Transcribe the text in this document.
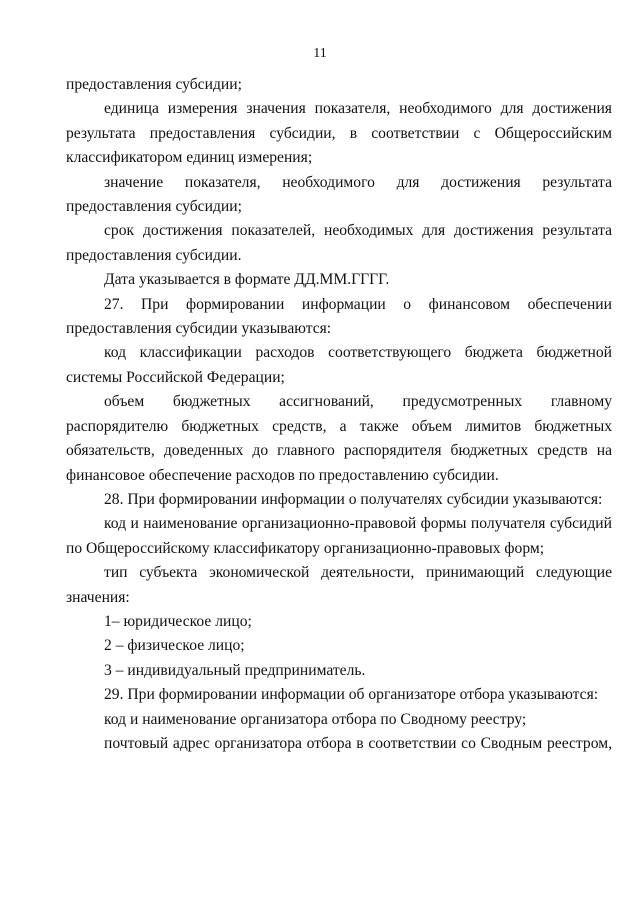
11

предоставления субсидии;

единица измерения значения показателя, необходимого для достижения результата предоставления субсидии, в соответствии с Общероссийским классификатором единиц измерения;

значение показателя, необходимого для достижения результата предоставления субсидии;

срок достижения показателей, необходимых для достижения результата предоставления субсидии.

Дата указывается в формате ДД.ММ.ГГГГ.

27. При формировании информации о финансовом обеспечении предоставления субсидии указываются:

код классификации расходов соответствующего бюджета бюджетной системы Российской Федерации;

объем бюджетных ассигнований, предусмотренных главному распорядителю бюджетных средств, а также объем лимитов бюджетных обязательств, доведенных до главного распорядителя бюджетных средств на финансовое обеспечение расходов по предоставлению субсидии.

28. При формировании информации о получателях субсидии указываются:

код и наименование организационно-правовой формы получателя субсидий по Общероссийскому классификатору организационно-правовых форм;

тип субъекта экономической деятельности, принимающий следующие значения:

1– юридическое лицо;

2 – физическое лицо;

3 – индивидуальный предприниматель.

29. При формировании информации об организаторе отбора указываются:

код и наименование организатора отбора по Сводному реестру;

почтовый адрес организатора отбора в соответствии со Сводным реестром,
